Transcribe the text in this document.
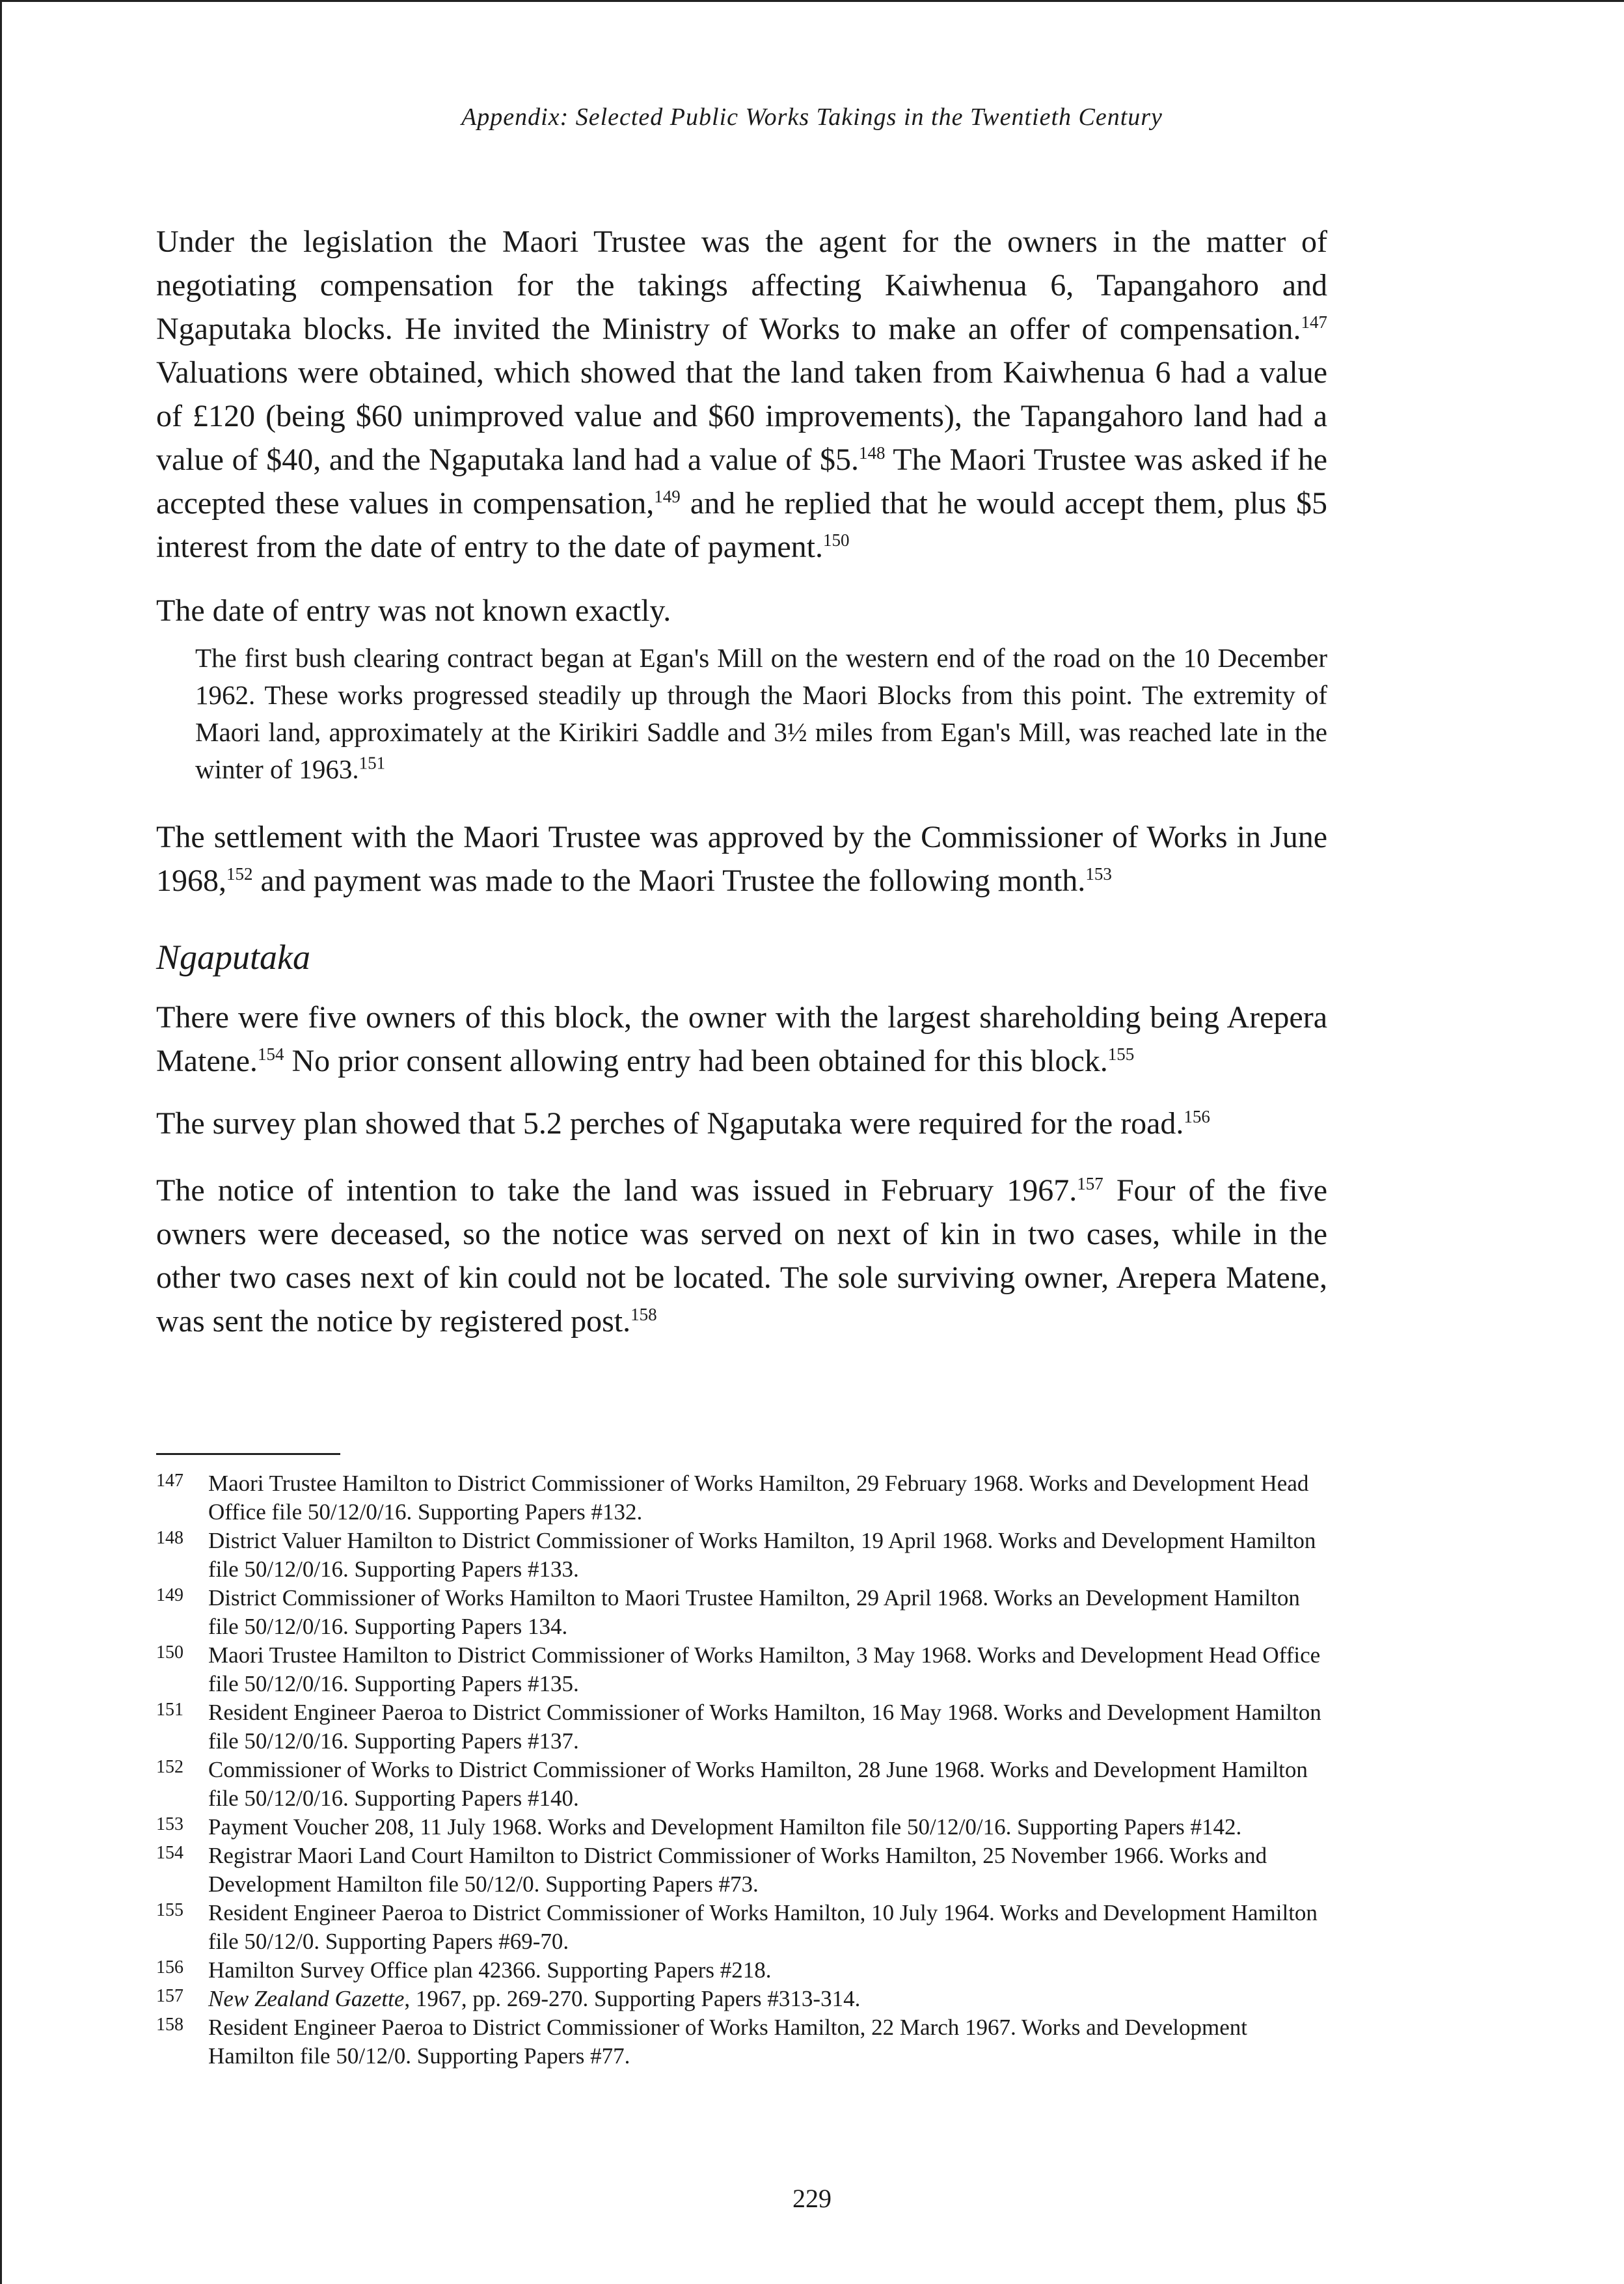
Appendix: Selected Public Works Takings in the Twentieth Century

Under the legislation the Maori Trustee was the agent for the owners in the matter of negotiating compensation for the takings affecting Kaiwhenua 6, Tapangahoro and Ngaputaka blocks. He invited the Ministry of Works to make an offer of compensation.$^{147}$ Valuations were obtained, which showed that the land taken from Kaiwhenua 6 had a value of £120 (being $60 unimproved value and $60 improvements), the Tapangahoro land had a value of $40, and the Ngaputaka land had a value of $5.$^{148}$ The Maori Trustee was asked if he accepted these values in compensation,$^{149}$ and he replied that he would accept them, plus $5 interest from the date of entry to the date of payment.$^{150}$

The date of entry was not known exactly.

The first bush clearing contract began at Egan's Mill on the western end of the road on the 10 December 1962. These works progressed steadily up through the Maori Blocks from this point. The extremity of Maori land, approximately at the Kirikiri Saddle and 3½ miles from Egan's Mill, was reached late in the winter of 1963.$^{151}$

The settlement with the Maori Trustee was approved by the Commissioner of Works in June 1968,$^{152}$ and payment was made to the Maori Trustee the following month.$^{153}$

Ngaputaka

There were five owners of this block, the owner with the largest shareholding being Arepera Matene.$^{154}$ No prior consent allowing entry had been obtained for this block.$^{155}$

The survey plan showed that 5.2 perches of Ngaputaka were required for the road.$^{156}$

The notice of intention to take the land was issued in February 1967.$^{157}$ Four of the five owners were deceased, so the notice was served on next of kin in two cases, while in the other two cases next of kin could not be located. The sole surviving owner, Arepera Matene, was sent the notice by registered post.$^{158}$

147	Maori Trustee Hamilton to District Commissioner of Works Hamilton, 29 February 1968. Works and Development Head Office file 50/12/0/16. Supporting Papers #132.
148	District Valuer Hamilton to District Commissioner of Works Hamilton, 19 April 1968. Works and Development Hamilton file 50/12/0/16. Supporting Papers #133.
149	District Commissioner of Works Hamilton to Maori Trustee Hamilton, 29 April 1968. Works an Development Hamilton file 50/12/0/16. Supporting Papers 134.
150	Maori Trustee Hamilton to District Commissioner of Works Hamilton, 3 May 1968. Works and Development Head Office file 50/12/0/16. Supporting Papers #135.
151	Resident Engineer Paeroa to District Commissioner of Works Hamilton, 16 May 1968. Works and Development Hamilton file 50/12/0/16. Supporting Papers #137.
152	Commissioner of Works to District Commissioner of Works Hamilton, 28 June 1968. Works and Development Hamilton file 50/12/0/16. Supporting Papers #140.
153	Payment Voucher 208, 11 July 1968. Works and Development Hamilton file 50/12/0/16. Supporting Papers #142.
154	Registrar Maori Land Court Hamilton to District Commissioner of Works Hamilton, 25 November 1966. Works and Development Hamilton file 50/12/0. Supporting Papers #73.
155	Resident Engineer Paeroa to District Commissioner of Works Hamilton, 10 July 1964. Works and Development Hamilton file 50/12/0. Supporting Papers #69-70.
156	Hamilton Survey Office plan 42366. Supporting Papers #218.
157	New Zealand Gazette, 1967, pp. 269-270. Supporting Papers #313-314.
158	Resident Engineer Paeroa to District Commissioner of Works Hamilton, 22 March 1967. Works and Development Hamilton file 50/12/0. Supporting Papers #77.
229
